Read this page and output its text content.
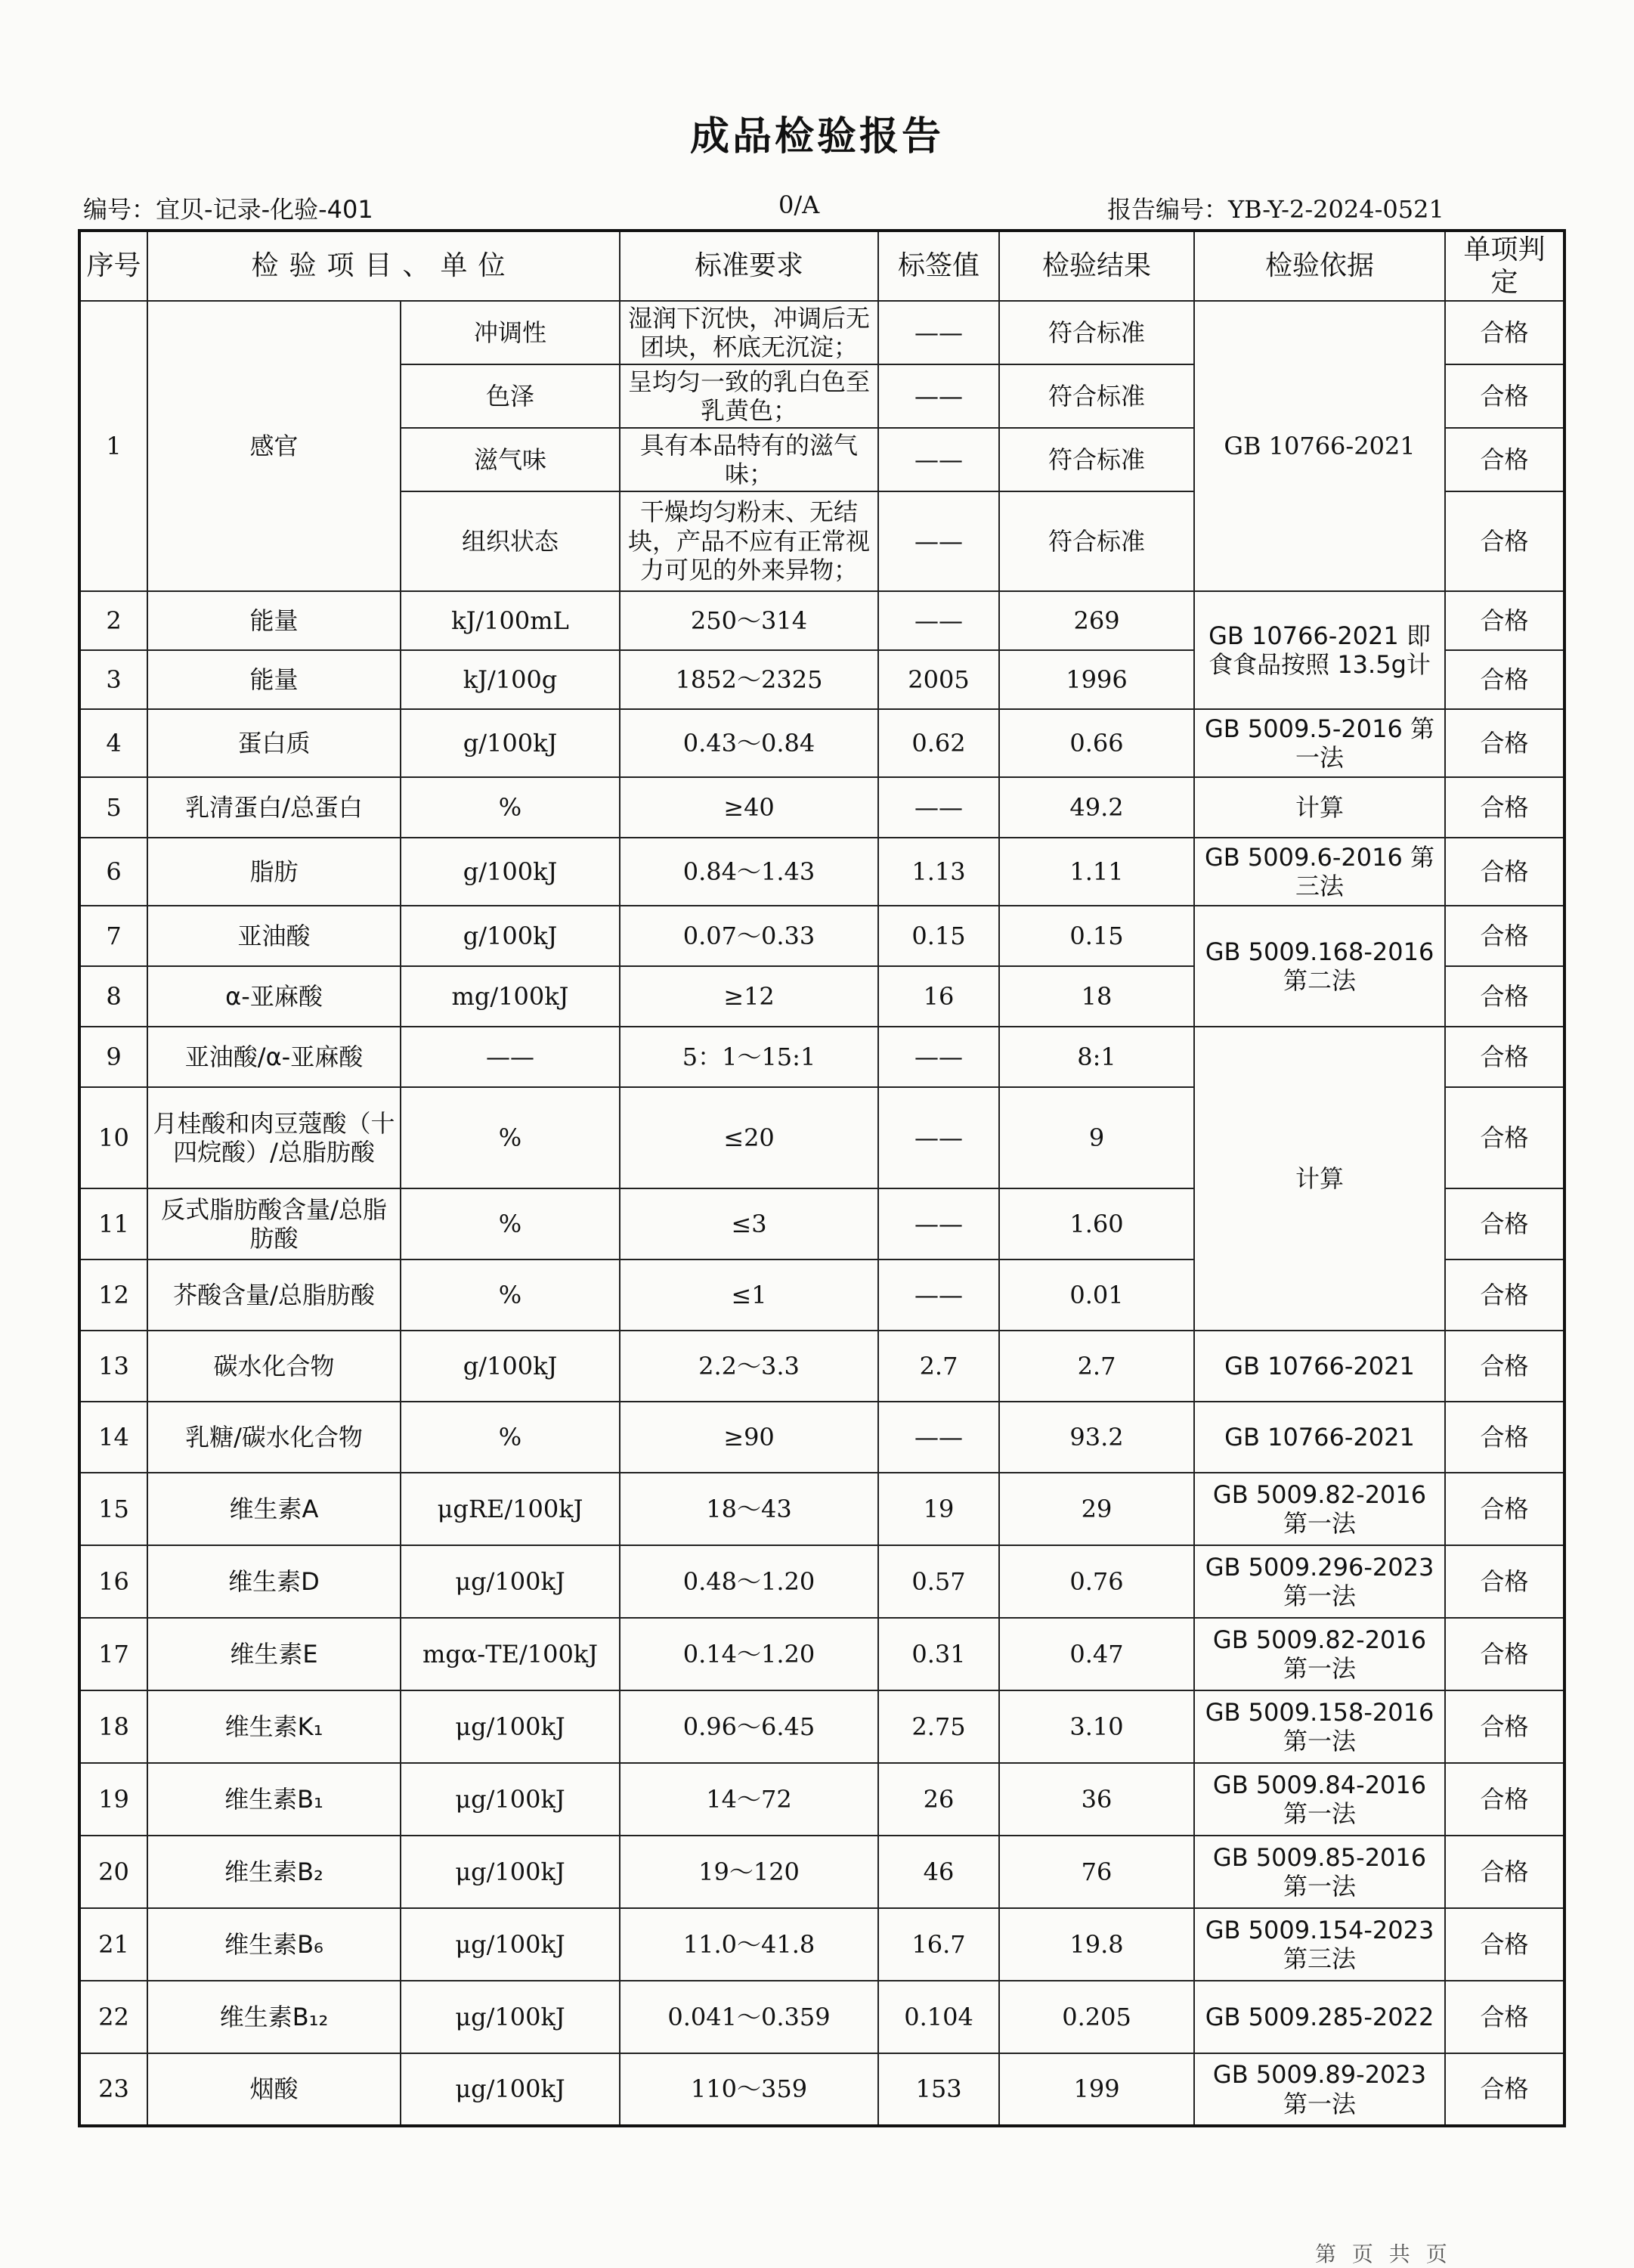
成品检验报告
编号：宜贝-记录-化验-401	0/A	报告编号：YB-Y-2-2024-0521
序号	检验项目、单位		标准要求	标签值	检验结果	检验依据	单项判定
1	感官	冲调性	湿润下沉快，冲调后无团块，杯底无沉淀；	——	符合标准	GB 10766-2021	合格
		色泽	呈均匀一致的乳白色至乳黄色；	——	符合标准		合格
		滋气味	具有本品特有的滋气味；	——	符合标准		合格
		组织状态	干燥均匀粉末、无结块，产品不应有正常视力可见的外来异物；	——	符合标准		合格
2	能量	kJ/100mL	250～314	——	269	GB 10766-2021 即食食品按照 13.5g计	合格
3	能量	kJ/100g	1852～2325	2005	1996		合格
4	蛋白质	g/100kJ	0.43～0.84	0.62	0.66	GB 5009.5-2016 第一法	合格
5	乳清蛋白/总蛋白	%	≥40	——	49.2	计算	合格
6	脂肪	g/100kJ	0.84～1.43	1.13	1.11	GB 5009.6-2016 第三法	合格
7	亚油酸	g/100kJ	0.07～0.33	0.15	0.15	GB 5009.168-2016 第二法	合格
8	α-亚麻酸	mg/100kJ	≥12	16	18		合格
9	亚油酸/α-亚麻酸	——	5：1～15:1	——	8:1	计算	合格
10	月桂酸和肉豆蔻酸（十四烷酸）/总脂肪酸	%	≤20	——	9		合格
11	反式脂肪酸含量/总脂肪酸	%	≤3	——	1.60		合格
12	芥酸含量/总脂肪酸	%	≤1	——	0.01		合格
13	碳水化合物	g/100kJ	2.2～3.3	2.7	2.7	GB 10766-2021	合格
14	乳糖/碳水化合物	%	≥90	——	93.2	GB 10766-2021	合格
15	维生素A	μgRE/100kJ	18～43	19	29	GB 5009.82-2016 第一法	合格
16	维生素D	μg/100kJ	0.48～1.20	0.57	0.76	GB 5009.296-2023 第一法	合格
17	维生素E	mgα-TE/100kJ	0.14～1.20	0.31	0.47	GB 5009.82-2016 第一法	合格
18	维生素K₁	μg/100kJ	0.96～6.45	2.75	3.10	GB 5009.158-2016 第一法	合格
19	维生素B₁	μg/100kJ	14～72	26	36	GB 5009.84-2016 第一法	合格
20	维生素B₂	μg/100kJ	19～120	46	76	GB 5009.85-2016 第一法	合格
21	维生素B₆	μg/100kJ	11.0～41.8	16.7	19.8	GB 5009.154-2023 第三法	合格
22	维生素B₁₂	μg/100kJ	0.041～0.359	0.104	0.205	GB 5009.285-2022	合格
23	烟酸	μg/100kJ	110～359	153	199	GB 5009.89-2023 第一法	合格
第 页 共 页
